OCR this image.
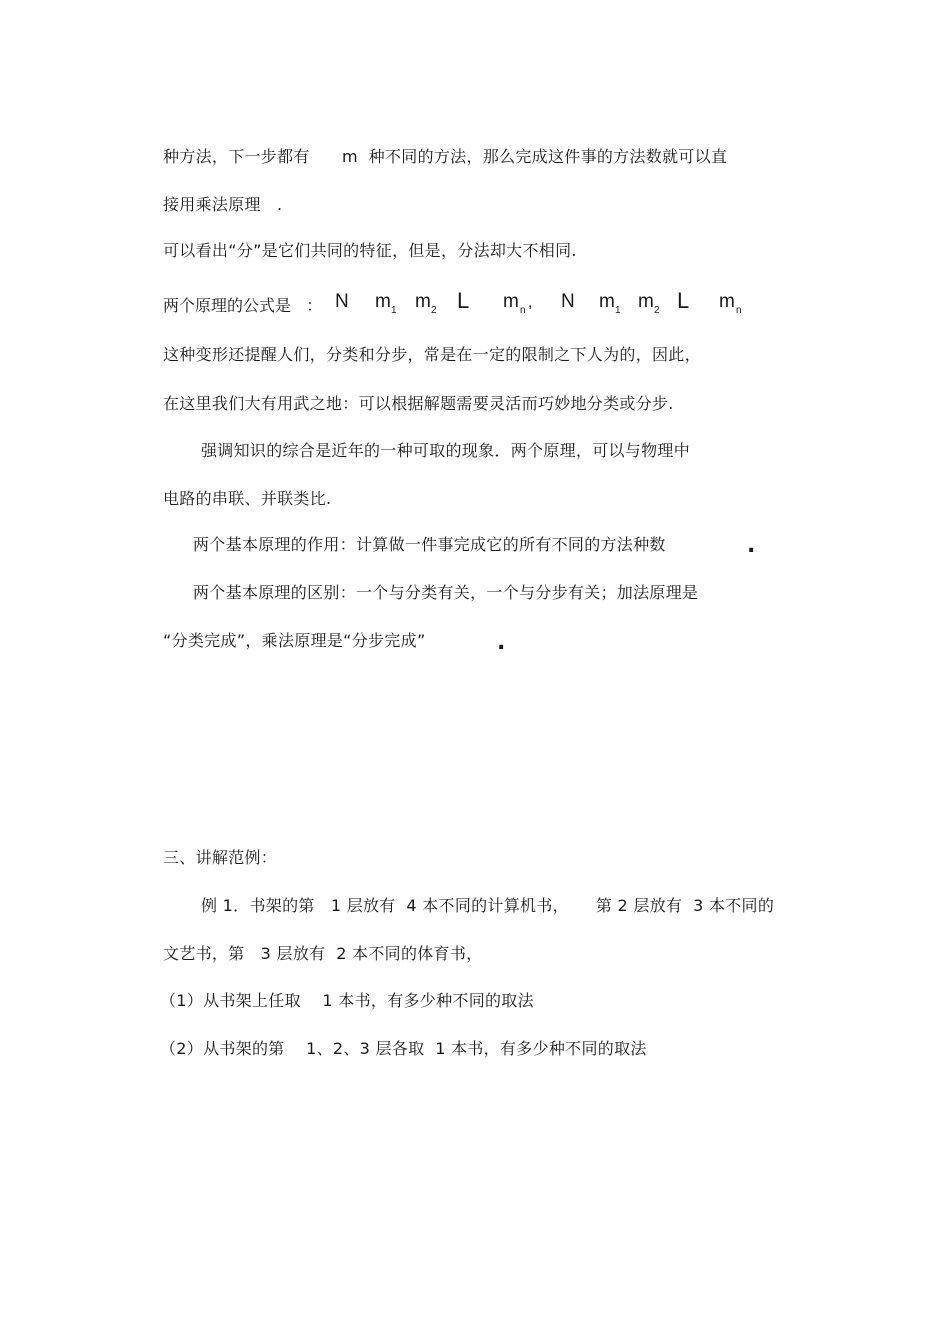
种方法，下一步都有      m  种不同的方法，那么完成这件事的方法数就可以直
接用乘法原理   .
可以看出“分”是它们共同的特征，但是，分法却大不相同.
两个原理的公式是   ： N m 1 m 2 L m n , N m 1 m 2 L m n
这种变形还提醒人们，分类和分步，常是在一定的限制之下人为的，因此，
在这里我们大有用武之地：可以根据解题需要灵活而巧妙地分类或分步.
强调知识的综合是近年的一种可取的现象．两个原理，可以与物理中
电路的串联、并联类比.
两个基本原理的作用：计算做一件事完成它的所有不同的方法种数	.
两个基本原理的区别：一个与分类有关，一个与分步有关；加法原理是
“分类完成”，乘法原理是“分步完成”	.
三、讲解范例：
例 1．书架的第   1 层放有  4 本不同的计算机书，     第 2 层放有  3 本不同的
文艺书，第   3 层放有  2 本不同的体育书，
（1）从书架上任取    1 本书，有多少种不同的取法
（2）从书架的第    1、2、3 层各取  1 本书，有多少种不同的取法
